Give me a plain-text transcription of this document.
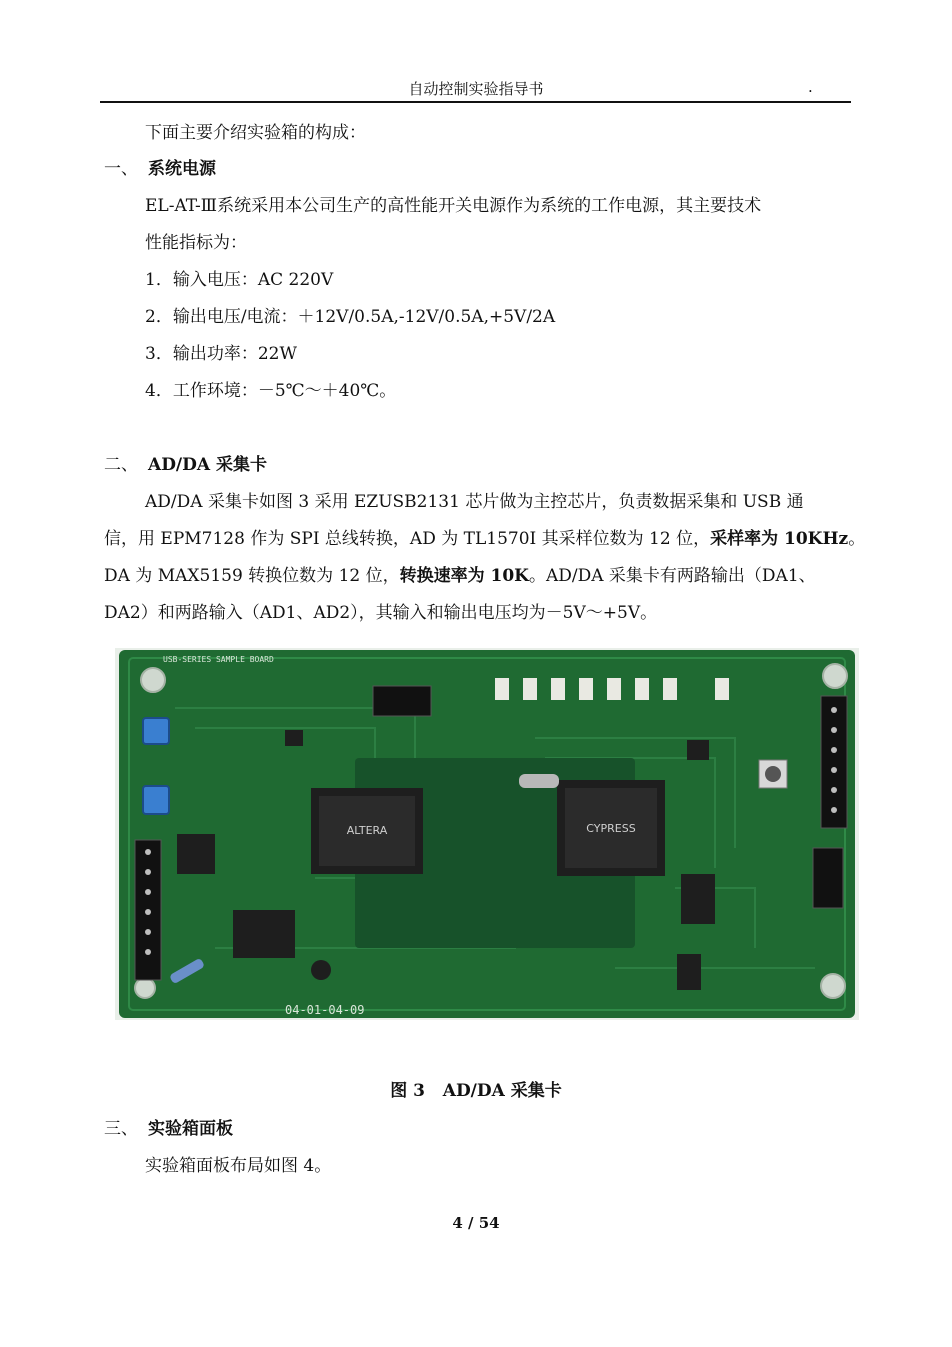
自动控制实验指导书	.
下面主要介绍实验箱的构成：
一、 系统电源
EL-AT-Ⅲ系统采用本公司生产的高性能开关电源作为系统的工作电源，其主要技术
性能指标为：
1．输入电压：AC 220V
2．输出电压/电流：＋12V/0.5A,-12V/0.5A,+5V/2A
3．输出功率：22W
4．工作环境：－5℃～＋40℃。
二、 AD/DA 采集卡
AD/DA 采集卡如图 3 采用 EZUSB2131 芯片做为主控芯片，负责数据采集和 USB 通
信，用 EPM7128 作为 SPI 总线转换，AD 为 TL1570I 其采样位数为 12 位，采样率为 10KHz。
DA 为 MAX5159 转换位数为 12 位，转换速率为 10K。AD/DA 采集卡有两路输出（DA1、
DA2）和两路输入（AD1、AD2），其输入和输出电压均为－5V～+5V。
ALTERA	CYPRESS
USB-SERIES SAMPLE BOARD
04-01-04-09
图 3 AD/DA 采集卡
三、 实验箱面板
实验箱面板布局如图 4。
4 / 54
